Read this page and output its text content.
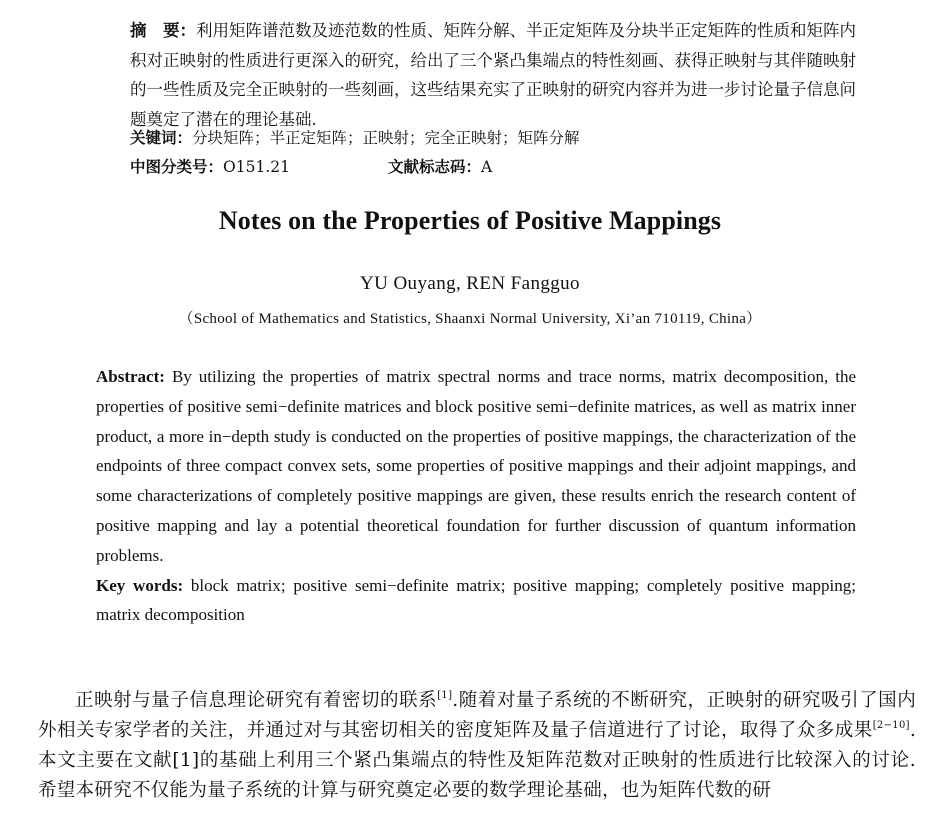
摘　要：利用矩阵谱范数及迹范数的性质、矩阵分解、半正定矩阵及分块半正定矩阵的性质和矩阵内积对正映射的性质进行更深入的研究，给出了三个紧凸集端点的特性刻画、获得正映射与其伴随映射的一些性质及完全正映射的一些刻画，这些结果充实了正映射的研究内容并为进一步讨论量子信息问题奠定了潜在的理论基础.

关键词：分块矩阵；半正定矩阵；正映射；完全正映射；矩阵分解
中图分类号：O151.21	文献标志码：A
Notes on the Properties of Positive Mappings
YU Ouyang, REN Fangguo
（School of Mathematics and Statistics, Shaanxi Normal University, Xi’an 710119, China）

Abstract: By utilizing the properties of matrix spectral norms and trace norms, matrix decomposition, the properties of positive semi−definite matrices and block positive semi−definite matrices, as well as matrix inner product, a more in−depth study is conducted on the properties of positive mappings, the characterization of the endpoints of three compact convex sets, some properties of positive mappings and their adjoint mappings, and some characterizations of completely positive mappings are given, these results enrich the research content of positive mapping and lay a potential theoretical foundation for further discussion of quantum information problems.

Key words: block matrix; positive semi−definite matrix; positive mapping; completely positive mapping; matrix decomposition

正映射与量子信息理论研究有着密切的联系[1].随着对量子系统的不断研究，正映射的研究吸引了国内外相关专家学者的关注，并通过对与其密切相关的密度矩阵及量子信道进行了讨论，取得了众多成果[2−10].本文主要在文献[1]的基础上利用三个紧凸集端点的特性及矩阵范数对正映射的性质进行比较深入的讨论.希望本研究不仅能为量子系统的计算与研究奠定必要的数学理论基础，也为矩阵代数的研
